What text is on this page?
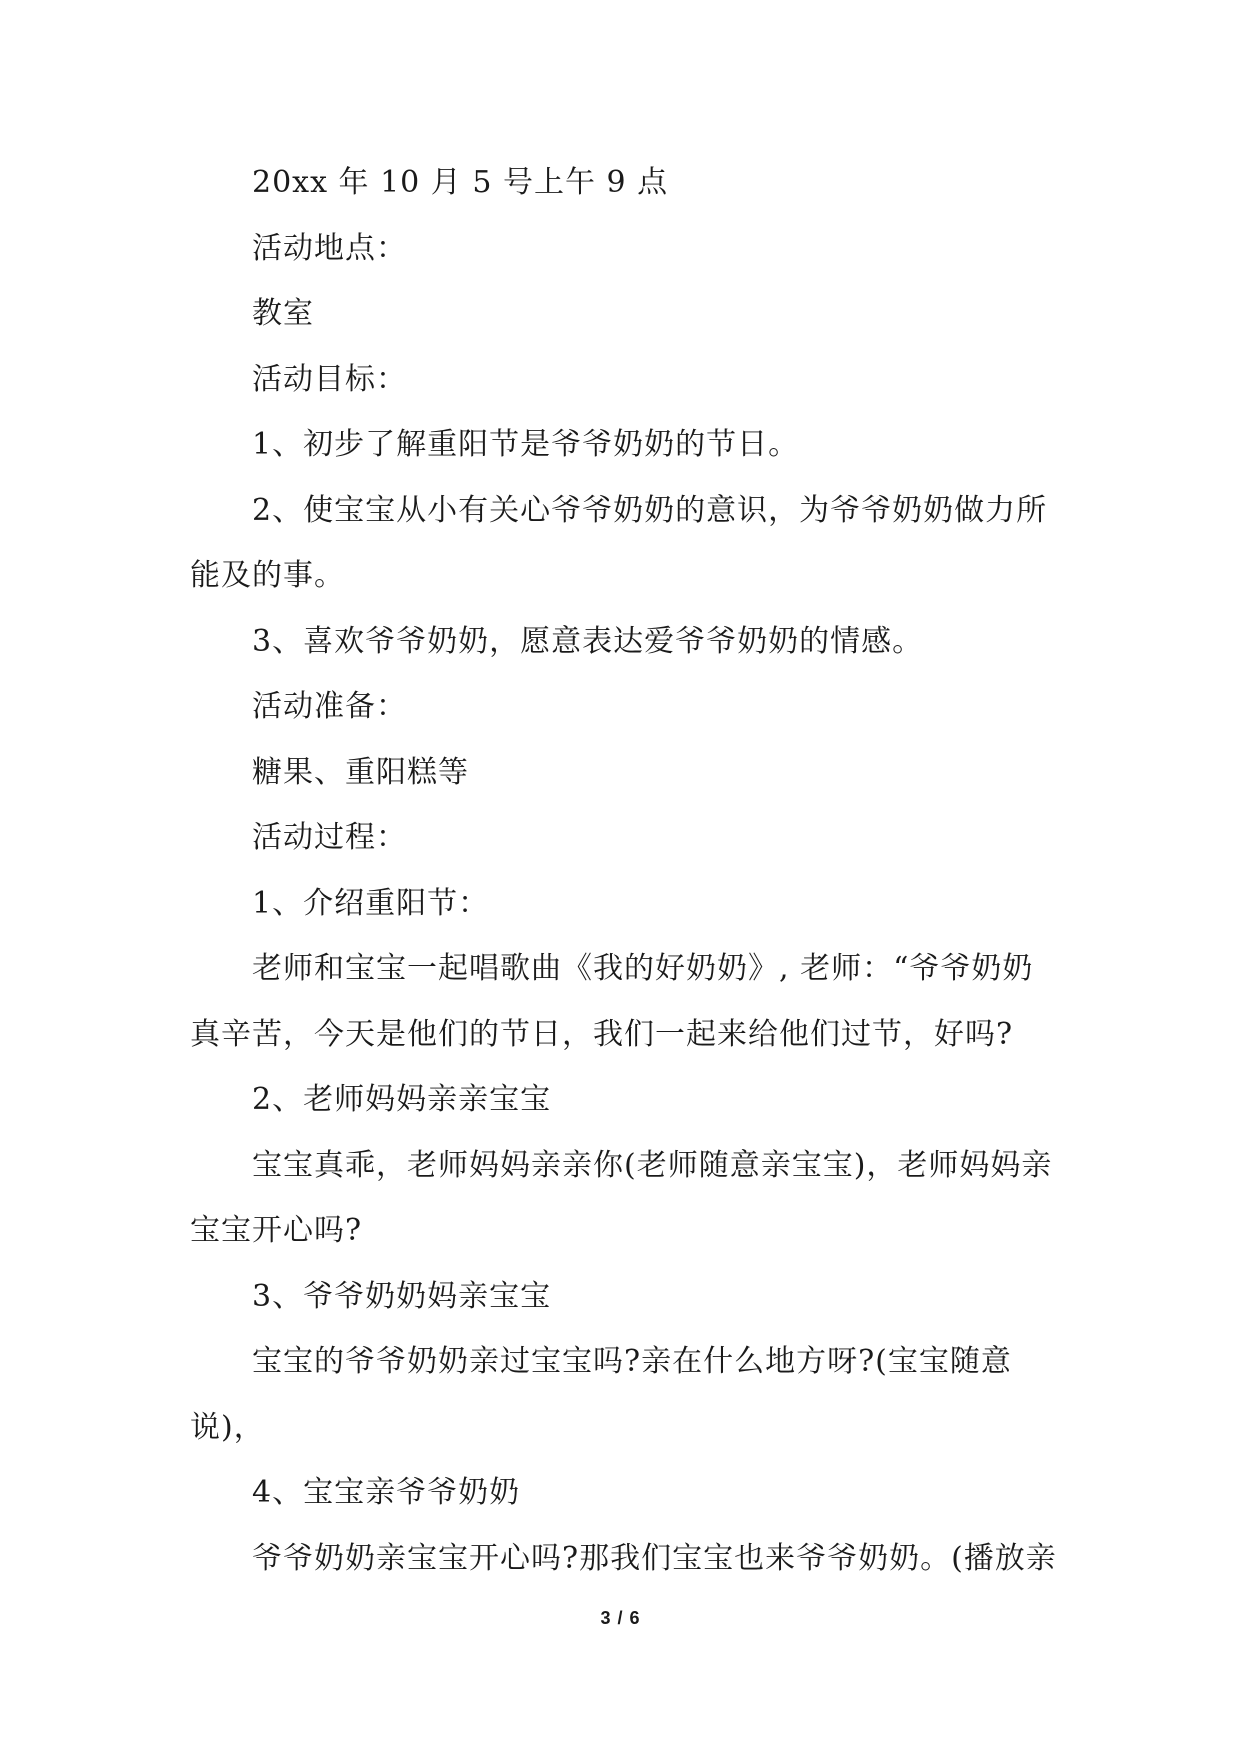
20xx 年 10 月 5 号上午 9 点
活动地点：
教室
活动目标：
1、初步了解重阳节是爷爷奶奶的节日。
2、使宝宝从小有关心爷爷奶奶的意识，为爷爷奶奶做力所
能及的事。
3、喜欢爷爷奶奶，愿意表达爱爷爷奶奶的情感。
活动准备：
糖果、重阳糕等
活动过程：
1、介绍重阳节：
老师和宝宝一起唱歌曲《我的好奶奶》, 老师：“爷爷奶奶
真辛苦，今天是他们的节日，我们一起来给他们过节，好吗?
2、老师妈妈亲亲宝宝
宝宝真乖，老师妈妈亲亲你(老师随意亲宝宝)，老师妈妈亲
宝宝开心吗?
3、爷爷奶奶妈亲宝宝
宝宝的爷爷奶奶亲过宝宝吗?亲在什么地方呀?(宝宝随意
说)，
4、宝宝亲爷爷奶奶
爷爷奶奶亲宝宝开心吗?那我们宝宝也来爷爷奶奶。(播放亲
3 / 6
